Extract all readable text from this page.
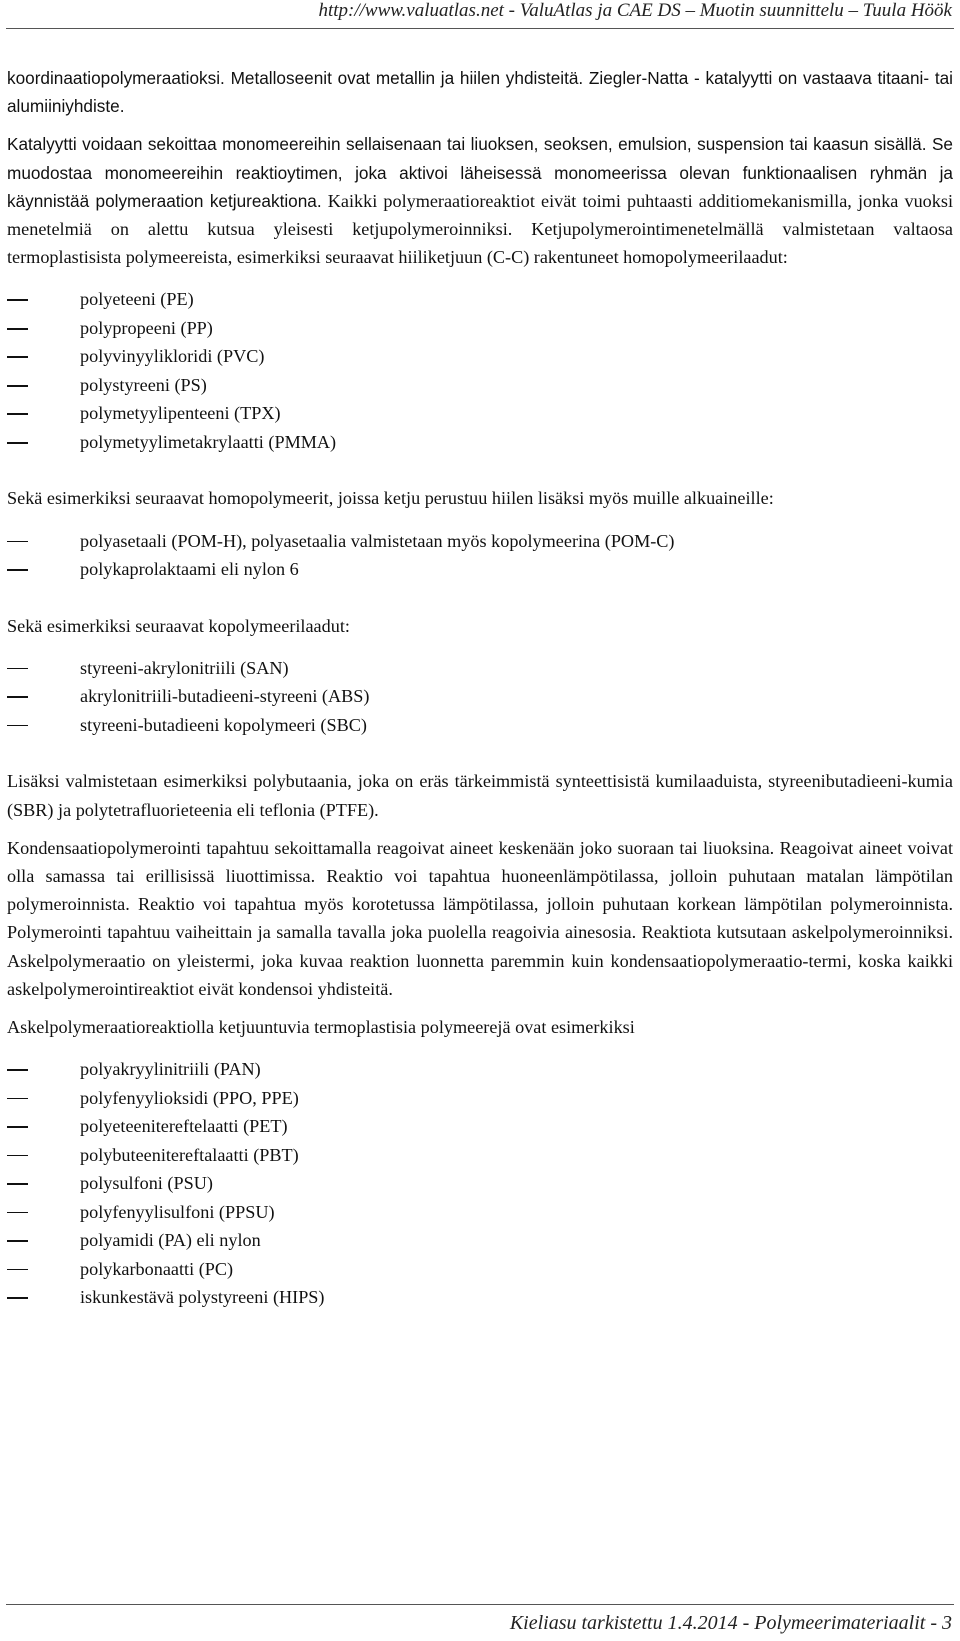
http://www.valuatlas.net - ValuAtlas ja CAE DS – Muotin suunnittelu – Tuula Höök

koordinaatiopolymeraatioksi. Metalloseenit ovat metallin ja hiilen yhdisteitä. Ziegler-Natta - katalyytti on vastaava titaani- tai alumiiniyhdiste.

Katalyytti voidaan sekoittaa monomeereihin sellaisenaan tai liuoksen, seoksen, emulsion, suspension tai kaasun sisällä. Se muodostaa monomeereihin reaktioytimen, joka aktivoi läheisessä monomeerissa olevan funktionaalisen ryhmän ja käynnistää polymeraation ketjureaktiona. Kaikki polymeraatioreaktiot eivät toimi puhtaasti additiomekanismilla, jonka vuoksi menetelmiä on alettu kutsua yleisesti ketjupolymeroinniksi. Ketjupolymerointimenetelmällä valmistetaan valtaosa termoplastisista polymeereista, esimerkiksi seuraavat hiiliketjuun (C-C) rakentuneet homopolymeerilaadut:

polyeteeni (PE)
polypropeeni (PP)
polyvinyylikloridi (PVC)
polystyreeni (PS)
polymetyylipenteeni (TPX)
polymetyylimetakrylaatti (PMMA)

Sekä esimerkiksi seuraavat homopolymeerit, joissa ketju perustuu hiilen lisäksi myös muille alkuaineille:

polyasetaali (POM-H), polyasetaalia valmistetaan myös kopolymeerina (POM-C)
polykaprolaktaami eli nylon 6

Sekä esimerkiksi seuraavat kopolymeerilaadut:

styreeni-akrylonitriili (SAN)
akrylonitriili-butadieeni-styreeni (ABS)
styreeni-butadieeni kopolymeeri (SBC)

Lisäksi valmistetaan esimerkiksi polybutaania, joka on eräs tärkeimmistä synteettisistä kumilaaduista, styreenibutadieeni-kumia (SBR) ja polytetrafluorieteenia eli teflonia (PTFE).

Kondensaatiopolymerointi tapahtuu sekoittamalla reagoivat aineet keskenään joko suoraan tai liuoksina. Reagoivat aineet voivat olla samassa tai erillisissä liuottimissa. Reaktio voi tapahtua huoneenlämpötilassa, jolloin puhutaan matalan lämpötilan polymeroinnista. Reaktio voi tapahtua myös korotetussa lämpötilassa, jolloin puhutaan korkean lämpötilan polymeroinnista. Polymerointi tapahtuu vaiheittain ja samalla tavalla joka puolella reagoivia ainesosia. Reaktiota kutsutaan askelpolymeroinniksi. Askelpolymeraatio on yleistermi, joka kuvaa reaktion luonnetta paremmin kuin kondensaatiopolymeraatio-termi, koska kaikki askelpolymerointireaktiot eivät kondensoi yhdisteitä.

Askelpolymeraatioreaktiolla ketjuuntuvia termoplastisia polymeerejä ovat esimerkiksi

polyakryylinitriili (PAN)
polyfenyylioksidi (PPO, PPE)
polyeteenitereftelaatti (PET)
polybuteenitereftalaatti (PBT)
polysulfoni (PSU)
polyfenyylisulfoni (PPSU)
polyamidi (PA) eli nylon
polykarbonaatti (PC)
iskunkestävä polystyreeni (HIPS)
Kieliasu tarkistettu 1.4.2014 - Polymeerimateriaalit - 3
